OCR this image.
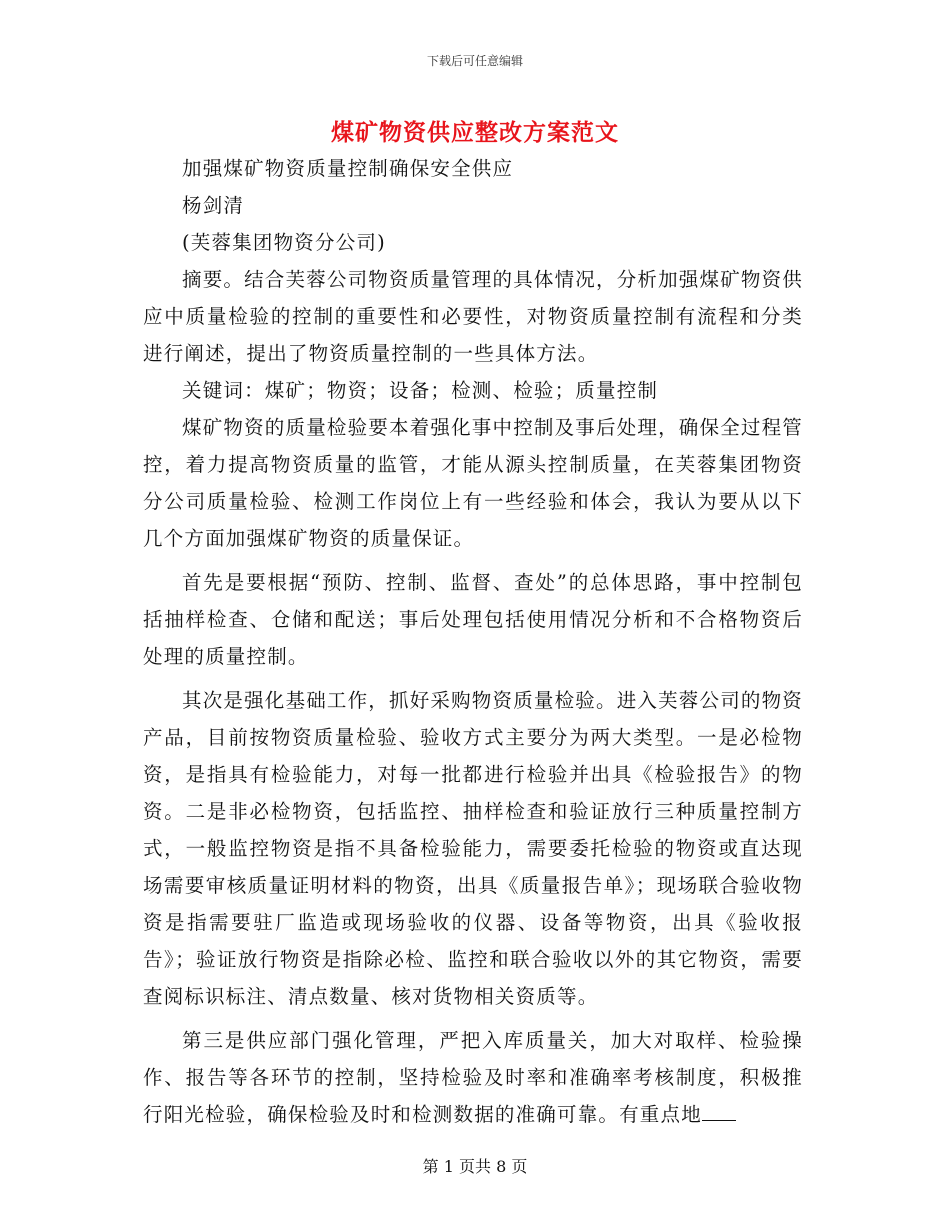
下载后可任意编辑
煤矿物资供应整改方案范文

加强煤矿物资质量控制确保安全供应

杨剑清

(芙蓉集团物资分公司)

摘要。结合芙蓉公司物资质量管理的具体情况，分析加强煤矿物资供应中质量检验的控制的重要性和必要性，对物资质量控制有流程和分类进行阐述，提出了物资质量控制的一些具体方法。

关键词：煤矿；物资；设备；检测、检验；质量控制

煤矿物资的质量检验要本着强化事中控制及事后处理，确保全过程管控，着力提高物资质量的监管，才能从源头控制质量，在芙蓉集团物资分公司质量检验、检测工作岗位上有一些经验和体会，我认为要从以下几个方面加强煤矿物资的质量保证。

首先是要根据“预防、控制、监督、查处”的总体思路，事中控制包括抽样检查、仓储和配送；事后处理包括使用情况分析和不合格物资后处理的质量控制。

其次是强化基础工作，抓好采购物资质量检验。进入芙蓉公司的物资产品，目前按物资质量检验、验收方式主要分为两大类型。一是必检物资，是指具有检验能力，对每一批都进行检验并出具《检验报告》的物资。二是非必检物资，包括监控、抽样检查和验证放行三种质量控制方式，一般监控物资是指不具备检验能力，需要委托检验的物资或直达现场需要审核质量证明材料的物资，出具《质量报告单》；现场联合验收物资是指需要驻厂监造或现场验收的仪器、设备等物资，出具《验收报告》；验证放行物资是指除必检、监控和联合验收以外的其它物资，需要查阅标识标注、清点数量、核对货物相关资质等。

第三是供应部门强化管理，严把入库质量关，加大对取样、检验操作、报告等各环节的控制，坚持检验及时率和准确率考核制度，积极推行阳光检验，确保检验及时和检测数据的准确可靠。有重点地

第 1 页共 8 页
